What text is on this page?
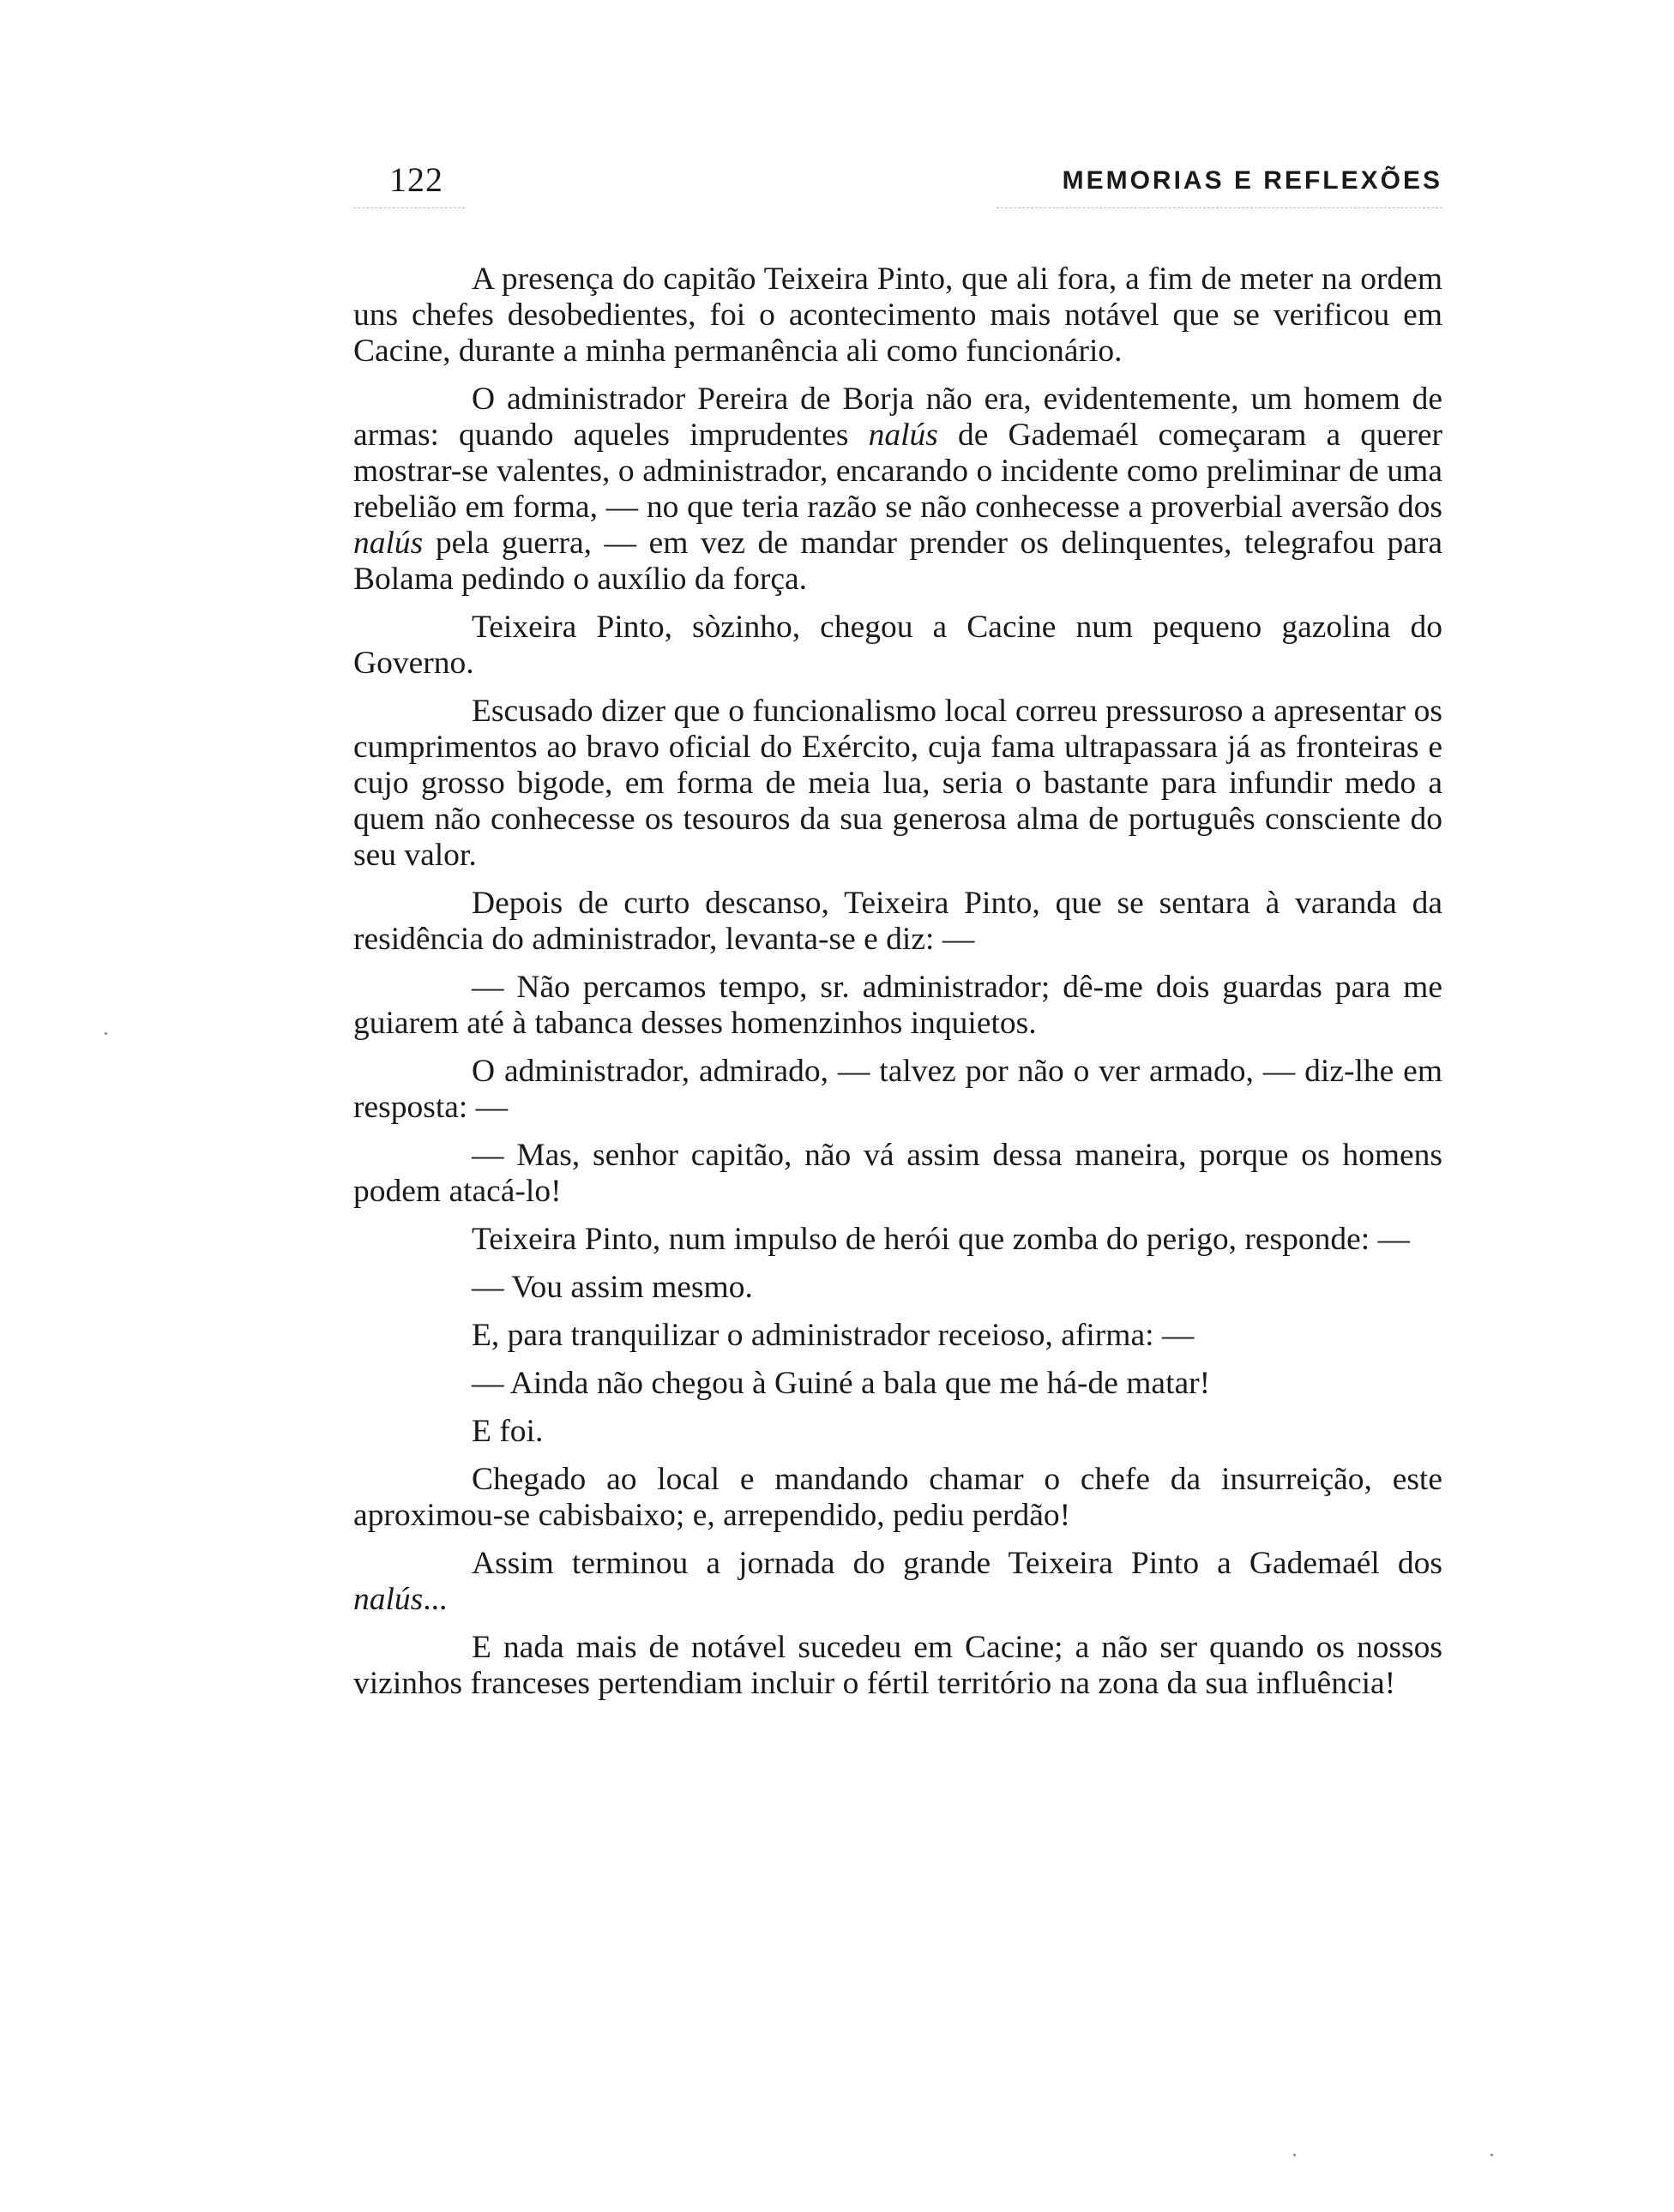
122	MEMORIAS E REFLEXÕES

A presença do capitão Teixeira Pinto, que ali fora, a fim de meter na ordem uns chefes desobedientes, foi o acontecimento mais notável que se verificou em Cacine, durante a minha permanência ali como funcionário.

O administrador Pereira de Borja não era, evidentemente, um homem de armas: quando aqueles imprudentes nalús de Gademaél começaram a querer mostrar-se valentes, o administrador, encarando o incidente como preliminar de uma rebelião em forma, — no que teria razão se não conhecesse a proverbial aversão dos nalús pela guerra, — em vez de mandar prender os delinquentes, telegrafou para Bolama pedindo o auxílio da força.

Teixeira Pinto, sòzinho, chegou a Cacine num pequeno gazolina do Governo.

Escusado dizer que o funcionalismo local correu pressuroso a apresentar os cumprimentos ao bravo oficial do Exército, cuja fama ultrapassara já as fronteiras e cujo grosso bigode, em forma de meia lua, seria o bastante para infundir medo a quem não conhecesse os tesouros da sua generosa alma de português consciente do seu valor.

Depois de curto descanso, Teixeira Pinto, que se sentara à varanda da residência do administrador, levanta-se e diz: —

— Não percamos tempo, sr. administrador; dê-me dois guardas para me guiarem até à tabanca desses homenzinhos inquietos.

O administrador, admirado, — talvez por não o ver armado, — diz-lhe em resposta: —

— Mas, senhor capitão, não vá assim dessa maneira, porque os homens podem atacá-lo!

Teixeira Pinto, num impulso de herói que zomba do perigo, responde: —

— Vou assim mesmo.

E, para tranquilizar o administrador receioso, afirma: —

— Ainda não chegou à Guiné a bala que me há-de matar!

E foi.

Chegado ao local e mandando chamar o chefe da insurreição, este aproximou-se cabisbaixo; e, arrependido, pediu perdão!

Assim terminou a jornada do grande Teixeira Pinto a Gademaél dos nalús...

E nada mais de notável sucedeu em Cacine; a não ser quando os nossos vizinhos franceses pertendiam incluir o fértil território na zona da sua influência!
